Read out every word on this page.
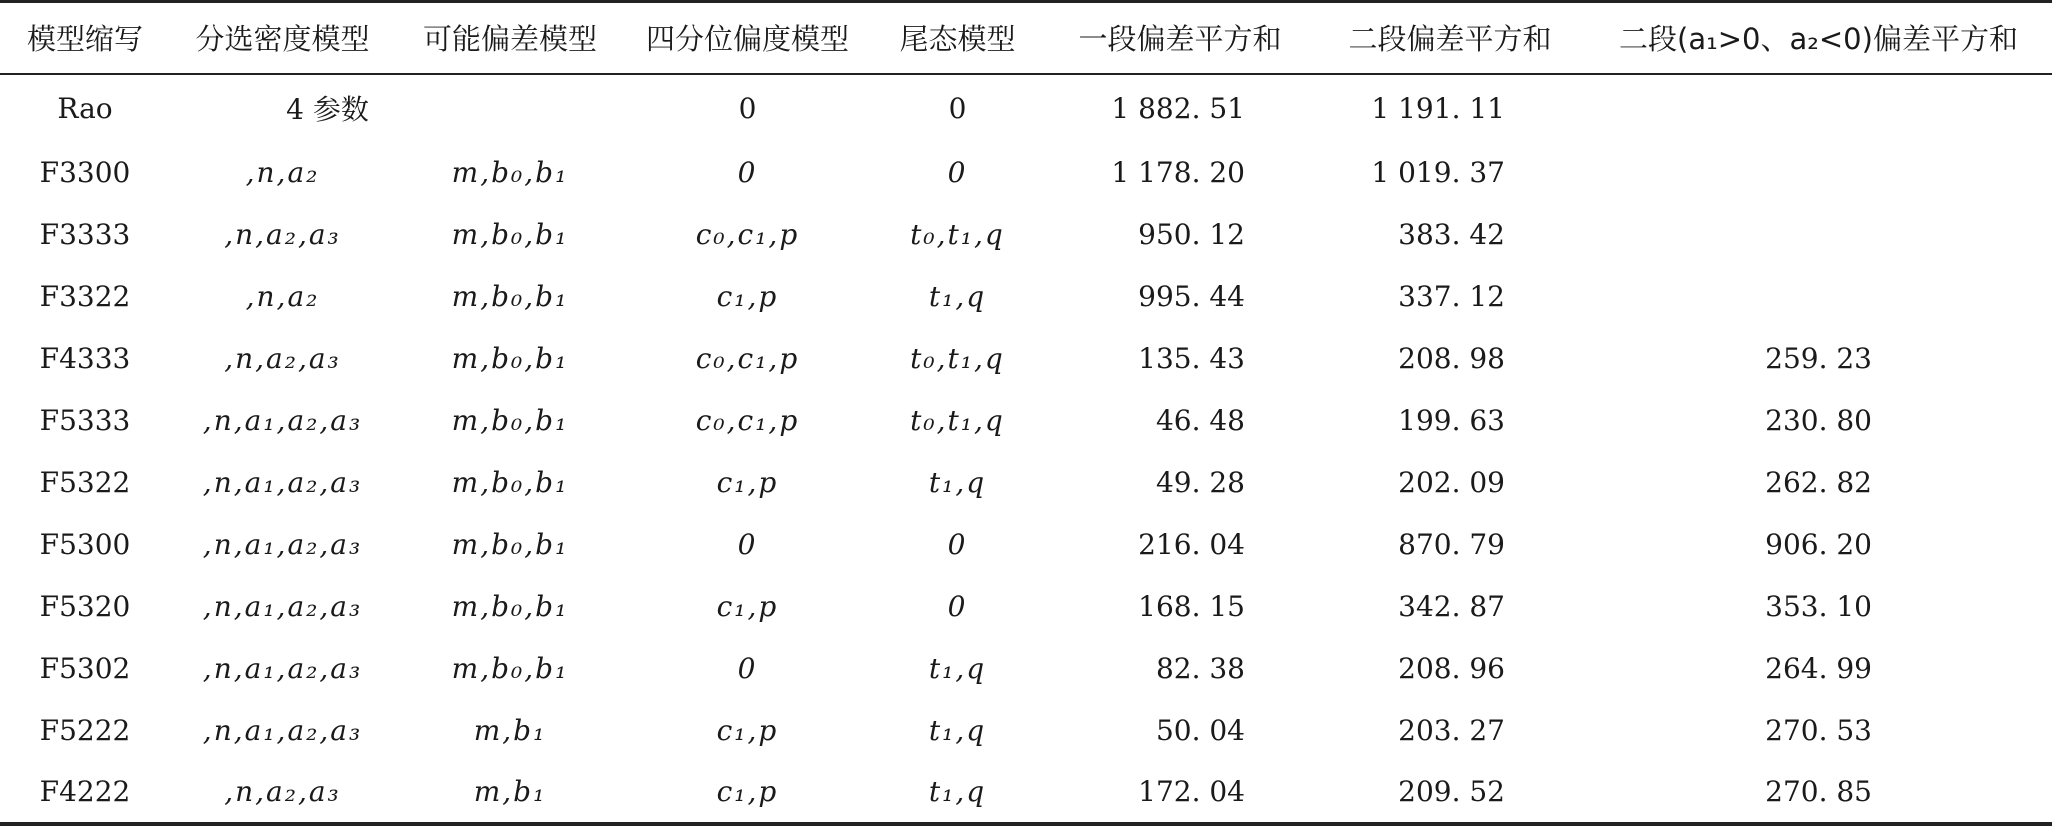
模型缩写	分选密度模型	可能偏差模型	四分位偏度模型	尾态模型	一段偏差平方和	二段偏差平方和	二段(a₁>0、a₂<0)偏差平方和
Rao	4 参数		0	0	1 882. 51	1 191. 11	
F3300	,n,a₂	m,b₀,b₁	0	0	1 178. 20	1 019. 37	
F3333	,n,a₂,a₃	m,b₀,b₁	c₀,c₁,p	t₀,t₁,q	950. 12	383. 42	
F3322	,n,a₂	m,b₀,b₁	c₁,p	t₁,q	995. 44	337. 12	
F4333	,n,a₂,a₃	m,b₀,b₁	c₀,c₁,p	t₀,t₁,q	135. 43	208. 98	259. 23
F5333	,n,a₁,a₂,a₃	m,b₀,b₁	c₀,c₁,p	t₀,t₁,q	46. 48	199. 63	230. 80
F5322	,n,a₁,a₂,a₃	m,b₀,b₁	c₁,p	t₁,q	49. 28	202. 09	262. 82
F5300	,n,a₁,a₂,a₃	m,b₀,b₁	0	0	216. 04	870. 79	906. 20
F5320	,n,a₁,a₂,a₃	m,b₀,b₁	c₁,p	0	168. 15	342. 87	353. 10
F5302	,n,a₁,a₂,a₃	m,b₀,b₁	0	t₁,q	82. 38	208. 96	264. 99
F5222	,n,a₁,a₂,a₃	m,b₁	c₁,p	t₁,q	50. 04	203. 27	270. 53
F4222	,n,a₂,a₃	m,b₁	c₁,p	t₁,q	172. 04	209. 52	270. 85
